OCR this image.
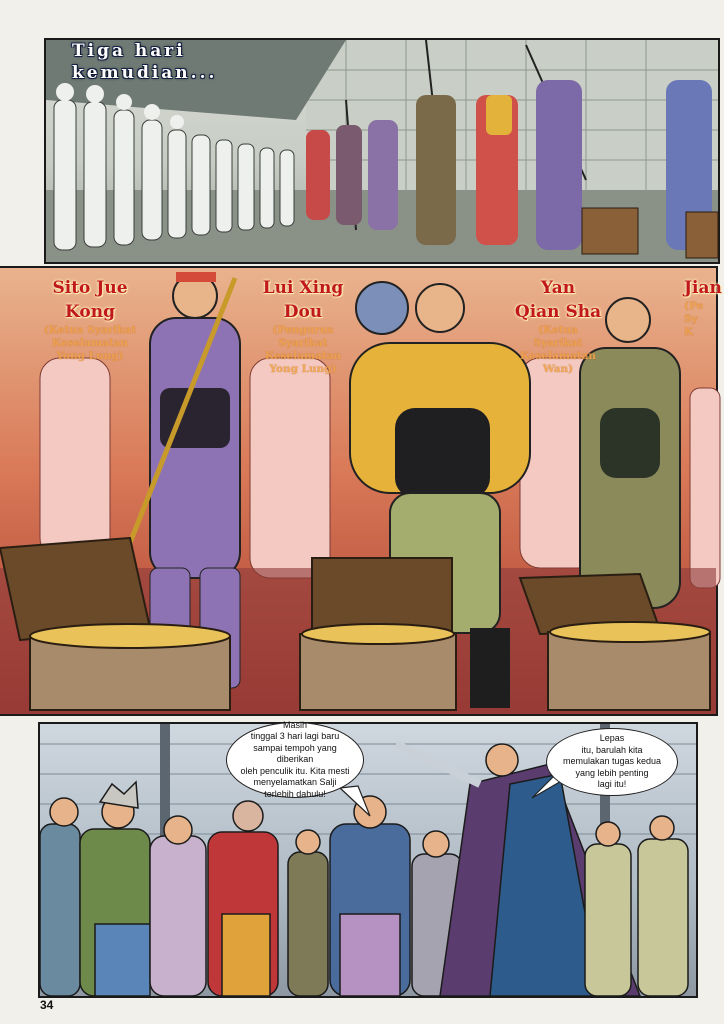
Tiga hari
kemudian...
Sito Jue
Kong
(Ketua Syarikat
Keselamatan
Yong Lung)
Lui Xing
Dou
(Pengurus
Syarikat
Keselamatan
Yong Lung)
Yan
Qian Sha
(Ketua
Syarikat
Keselamatan
Wan)
Jian
(Pe
Sy
K
Masih
tinggal 3 hari lagi baru
sampai tempoh yang diberikan
oleh penculik itu. Kita mesti
menyelamatkan Salji
terlebih dahulu!
Lepas
itu, barulah kita
memulakan tugas kedua
yang lebih penting
lagi itu!
34
